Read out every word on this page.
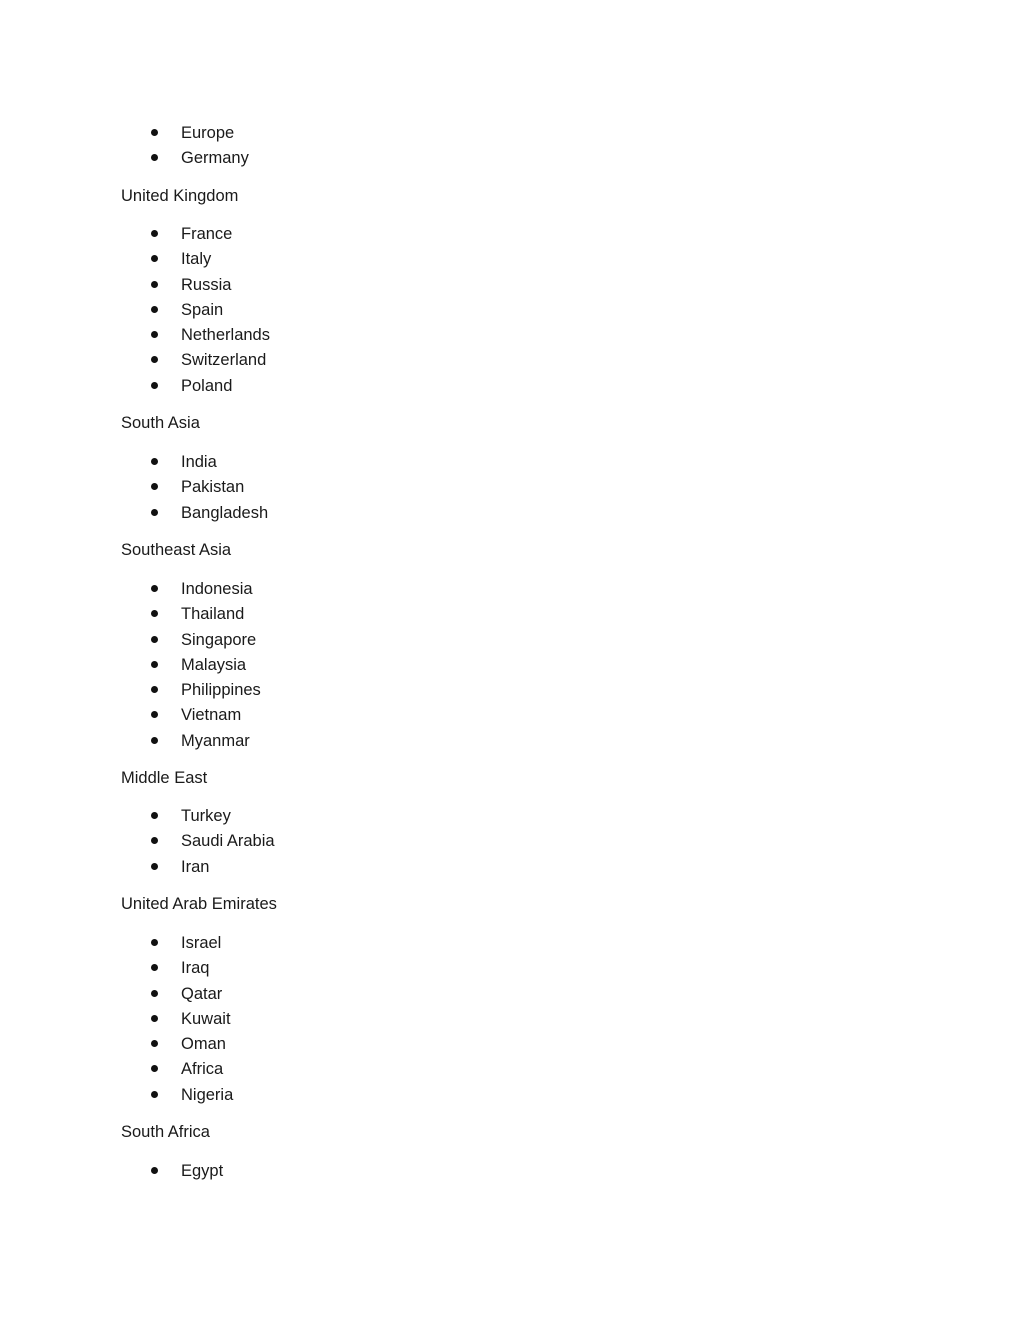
Europe
Germany

United Kingdom

France
Italy
Russia
Spain
Netherlands
Switzerland
Poland

South Asia

India
Pakistan
Bangladesh

Southeast Asia

Indonesia
Thailand
Singapore
Malaysia
Philippines
Vietnam
Myanmar

Middle East

Turkey
Saudi Arabia
Iran

United Arab Emirates

Israel
Iraq
Qatar
Kuwait
Oman
Africa
Nigeria

South Africa

Egypt
